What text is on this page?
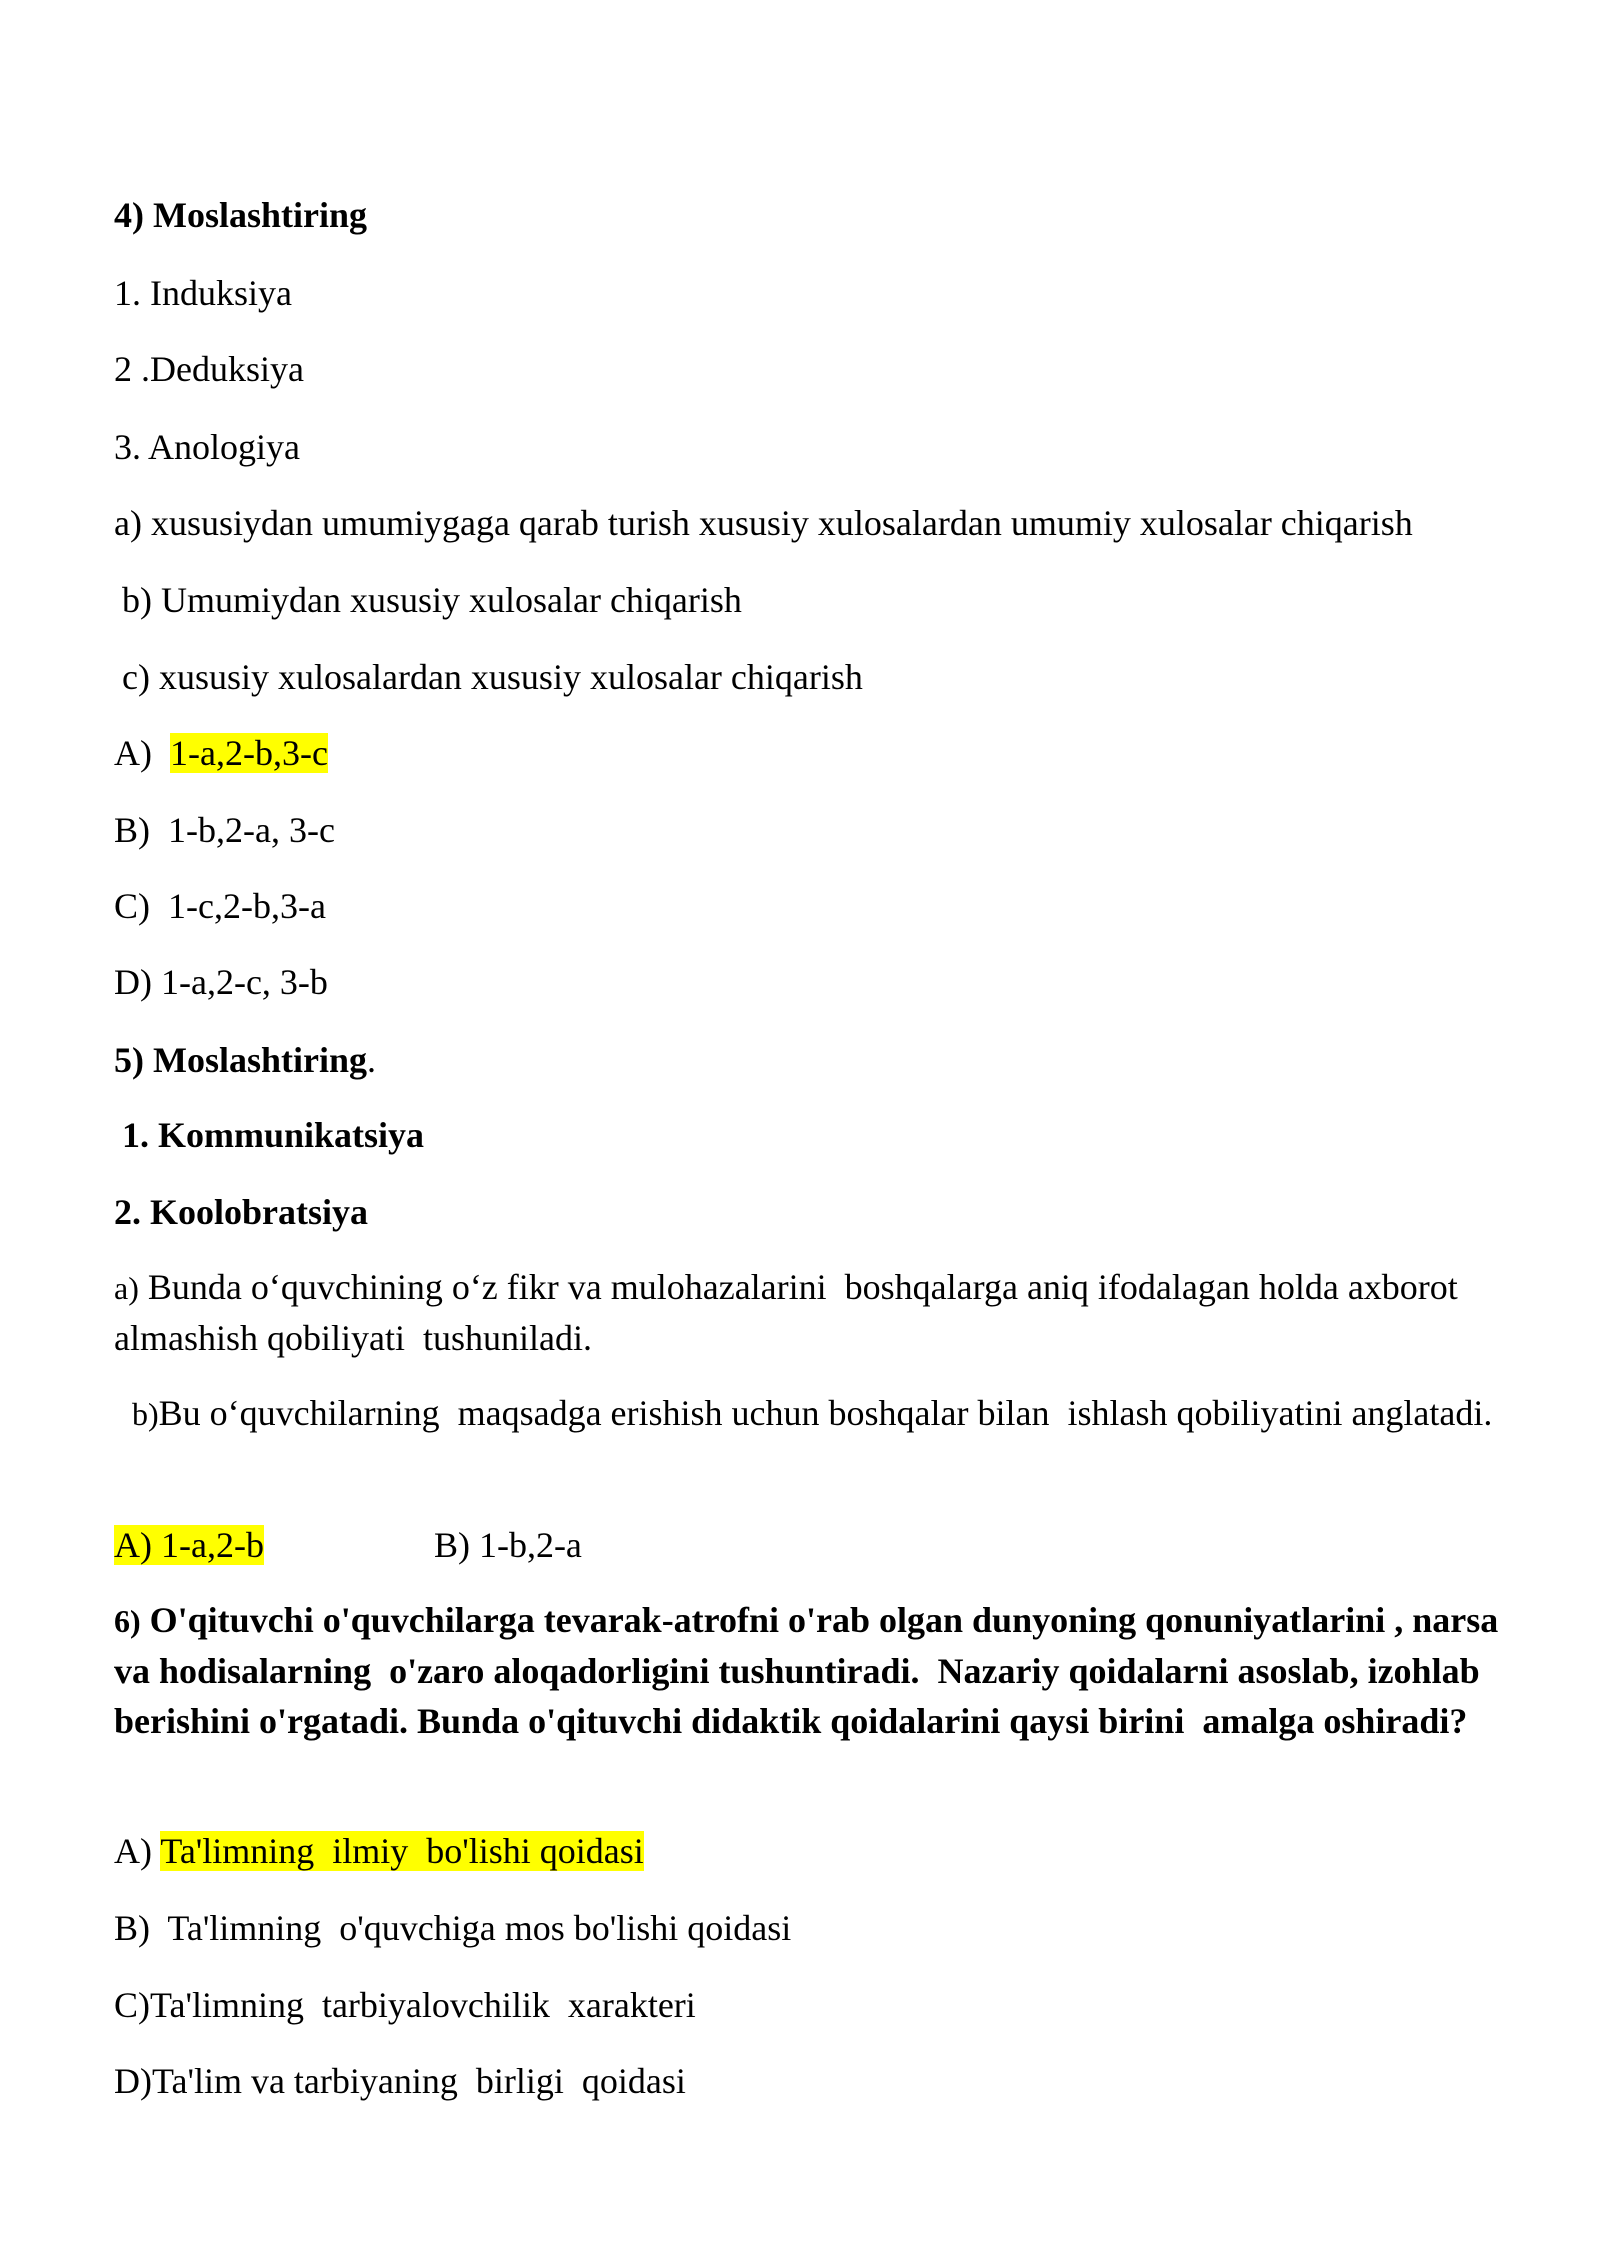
4) Moslashtiring
1. Induksiya
2 .Deduksiya
3. Anologiya
a) xususiydan umumiygaga qarab turish xususiy xulosalardan umumiy xulosalar chiqarish
b) Umumiydan xususiy xulosalar chiqarish
c) xususiy xulosalardan xususiy xulosalar chiqarish
A)  1-a,2-b,3-c
B)  1-b,2-a, 3-c
C)  1-c,2-b,3-a
D) 1-a,2-c, 3-b
5) Moslashtiring.
1. Kommunikatsiya
2. Koolobratsiya
a) Bunda o‘quvchining o‘z fikr va mulohazalarini  boshqalarga aniq ifodalagan holda axborot almashish qobiliyati  tushuniladi.
b)Bu o‘quvchilarning  maqsadga erishish uchun boshqalar bilan  ishlash qobiliyatini anglatadi.
A) 1-a,2-b	B) 1-b,2-a
6) O'qituvchi o'quvchilarga tevarak-atrofni o'rab olgan dunyoning qonuniyatlarini , narsa va hodisalarning  o'zaro aloqadorligini tushuntiradi.  Nazariy qoidalarni asoslab, izohlab berishini o'rgatadi. Bunda o'qituvchi didaktik qoidalarini qaysi birini  amalga oshiradi?
A) Ta'limning  ilmiy  bo'lishi qoidasi
B)  Ta'limning  o'quvchiga mos bo'lishi qoidasi
C)Ta'limning  tarbiyalovchilik  xarakteri
D)Ta'lim va tarbiyaning  birligi  qoidasi
